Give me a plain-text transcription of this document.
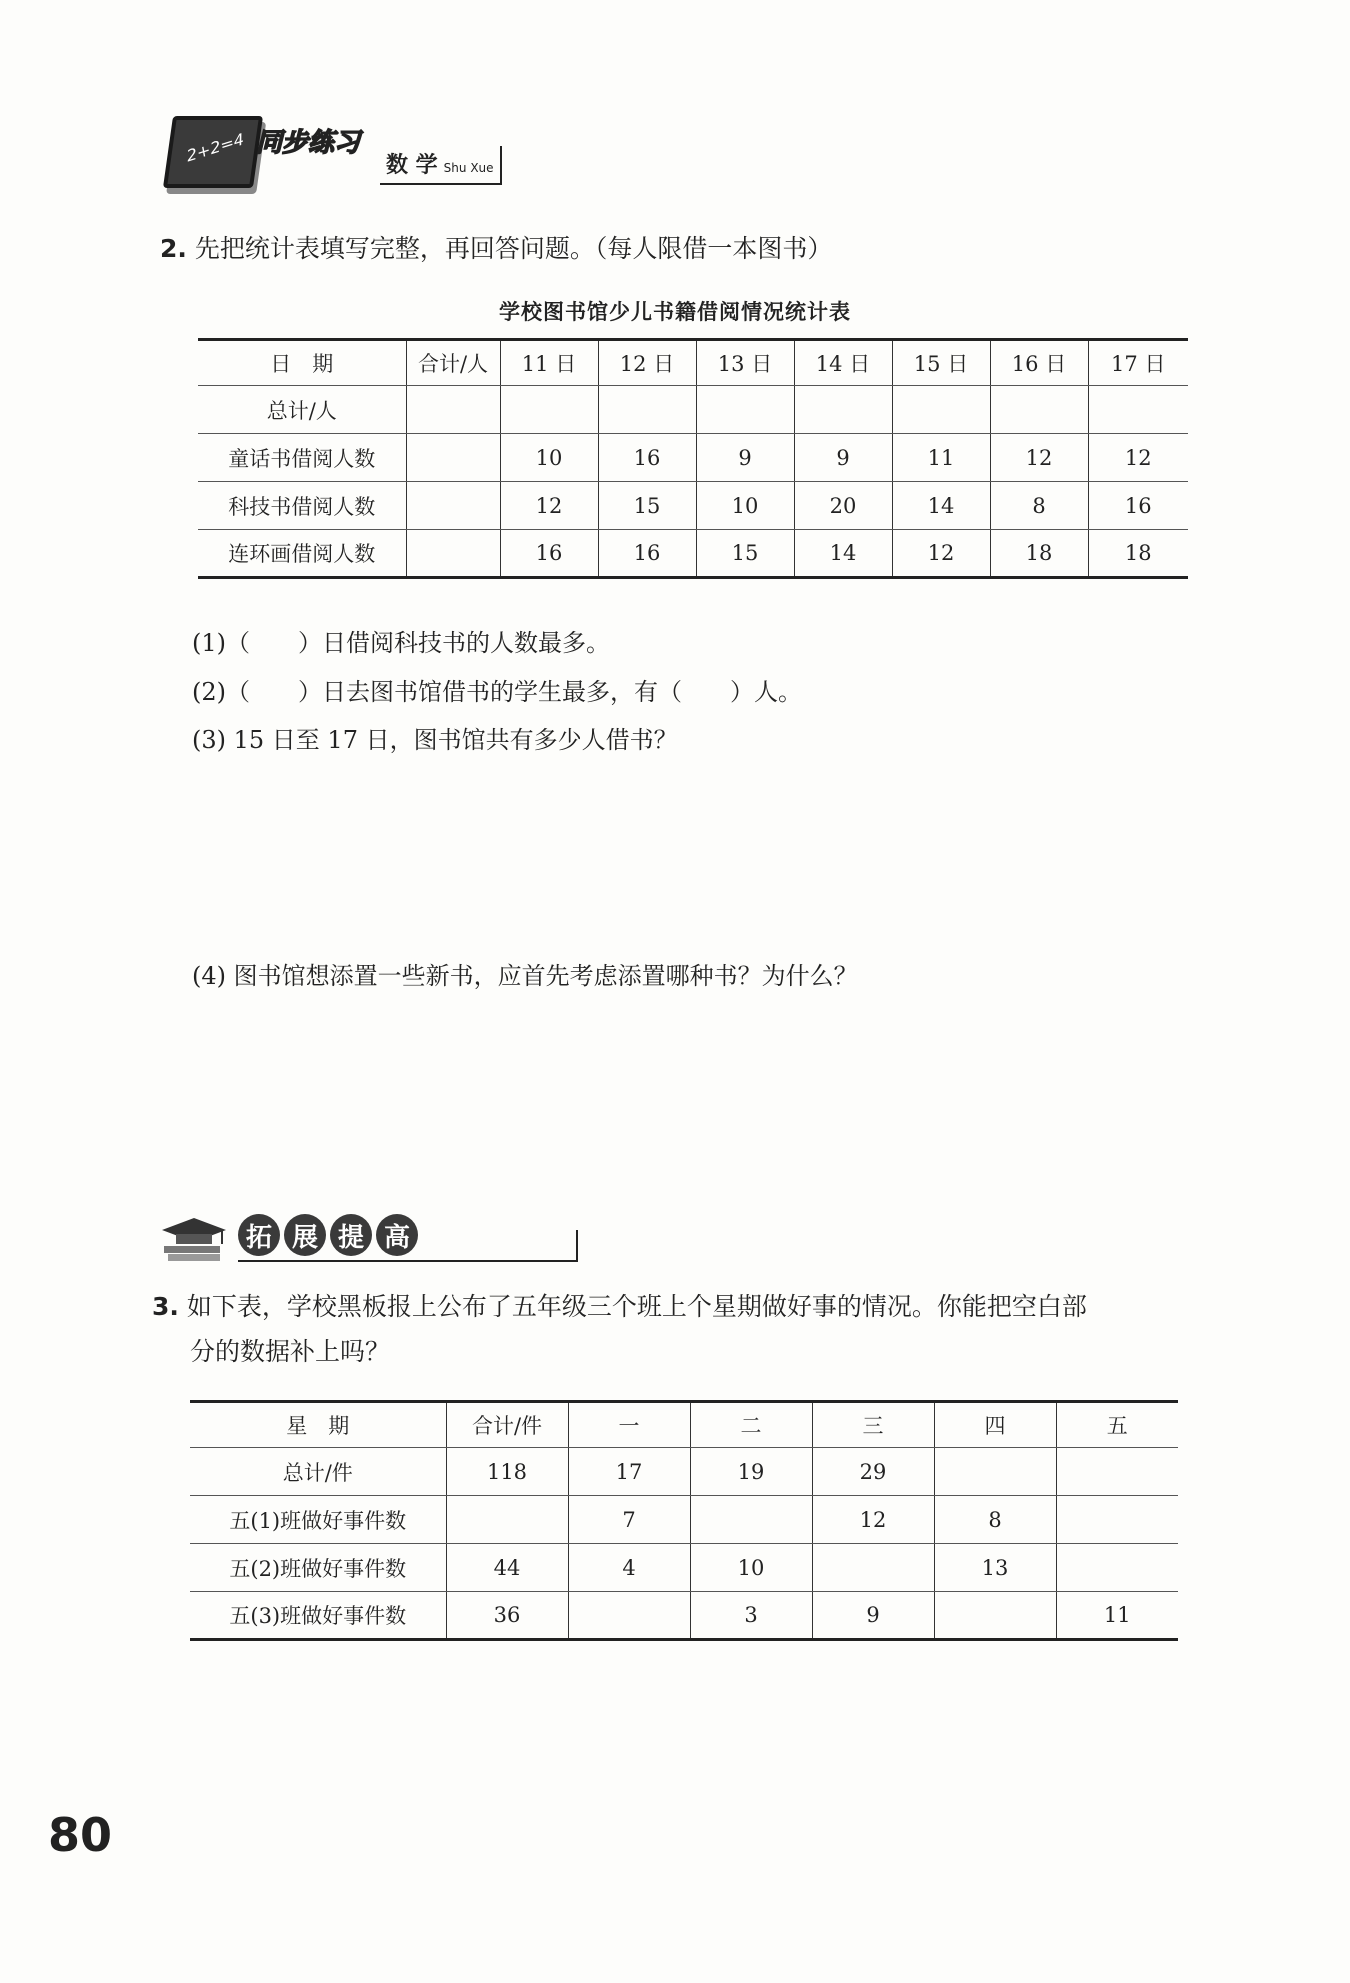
2+2=4 同步练习
数 学 Shu Xue
2. 先把统计表填写完整，再回答问题。（每人限借一本图书）
学校图书馆少儿书籍借阅情况统计表
日　期	合计/人	11 日	12 日	13 日	14 日	15 日	16 日	17 日
总计/人								
童话书借阅人数		10	16	9	9	11	12	12
科技书借阅人数		12	15	10	20	14	8	16
连环画借阅人数		16	16	15	14	12	18	18
(1)（　　）日借阅科技书的人数最多。
(2)（　　）日去图书馆借书的学生最多，有（　　）人。
(3) 15 日至 17 日，图书馆共有多少人借书？
(4) 图书馆想添置一些新书，应首先考虑添置哪种书？为什么？
拓 展 提 高
3. 如下表，学校黑板报上公布了五年级三个班上个星期做好事的情况。你能把空白部
分的数据补上吗？
星　期	合计/件	一	二	三	四	五
总计/件	118	17	19	29		
五(1)班做好事件数		7		12	8	
五(2)班做好事件数	44	4	10		13	
五(3)班做好事件数	36		3	9		11
80
